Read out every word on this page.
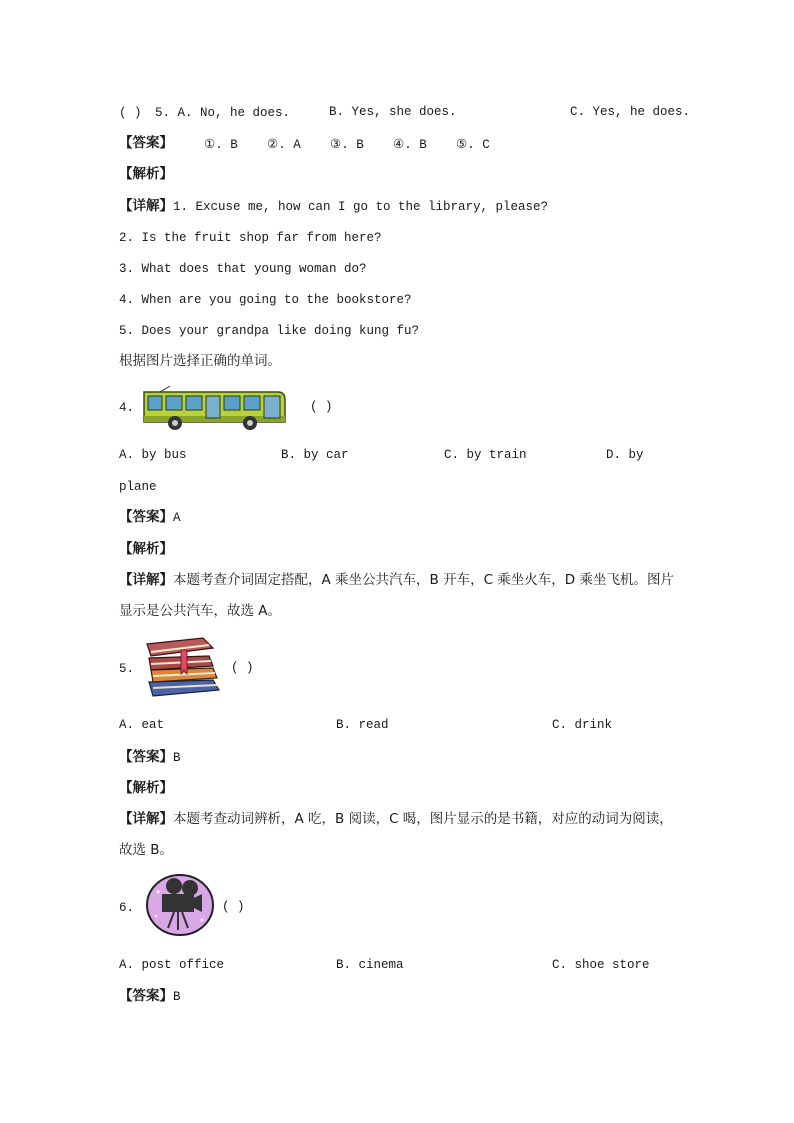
( ) 5. A. No, he does.	B. Yes, she does.	C. Yes, he does.
【答案】 ①. B ②. A ③. B ④. B ⑤. C
【解析】
【详解】1. Excuse me, how can I go to the library, please?
2. Is the fruit shop far from here?
3. What does that young woman do?
4. When are you going to the bookstore?
5. Does your grandpa like doing kung fu?
根据图片选择正确的单词。
4.	( )
A. by bus	B. by car	C. by train	D. by
plane
【答案】A
【解析】
【详解】本题考查介词固定搭配，A 乘坐公共汽车，B 开车，C 乘坐火车，D 乘坐飞机。图片
显示是公共汽车，故选 A。
5.	( )
A. eat	B. read	C. drink
【答案】B
【解析】
【详解】本题考查动词辨析，A 吃，B 阅读，C 喝，图片显示的是书籍，对应的动词为阅读，
故选 B。
6.	( )
A. post office	B. cinema	C. shoe store
【答案】B
